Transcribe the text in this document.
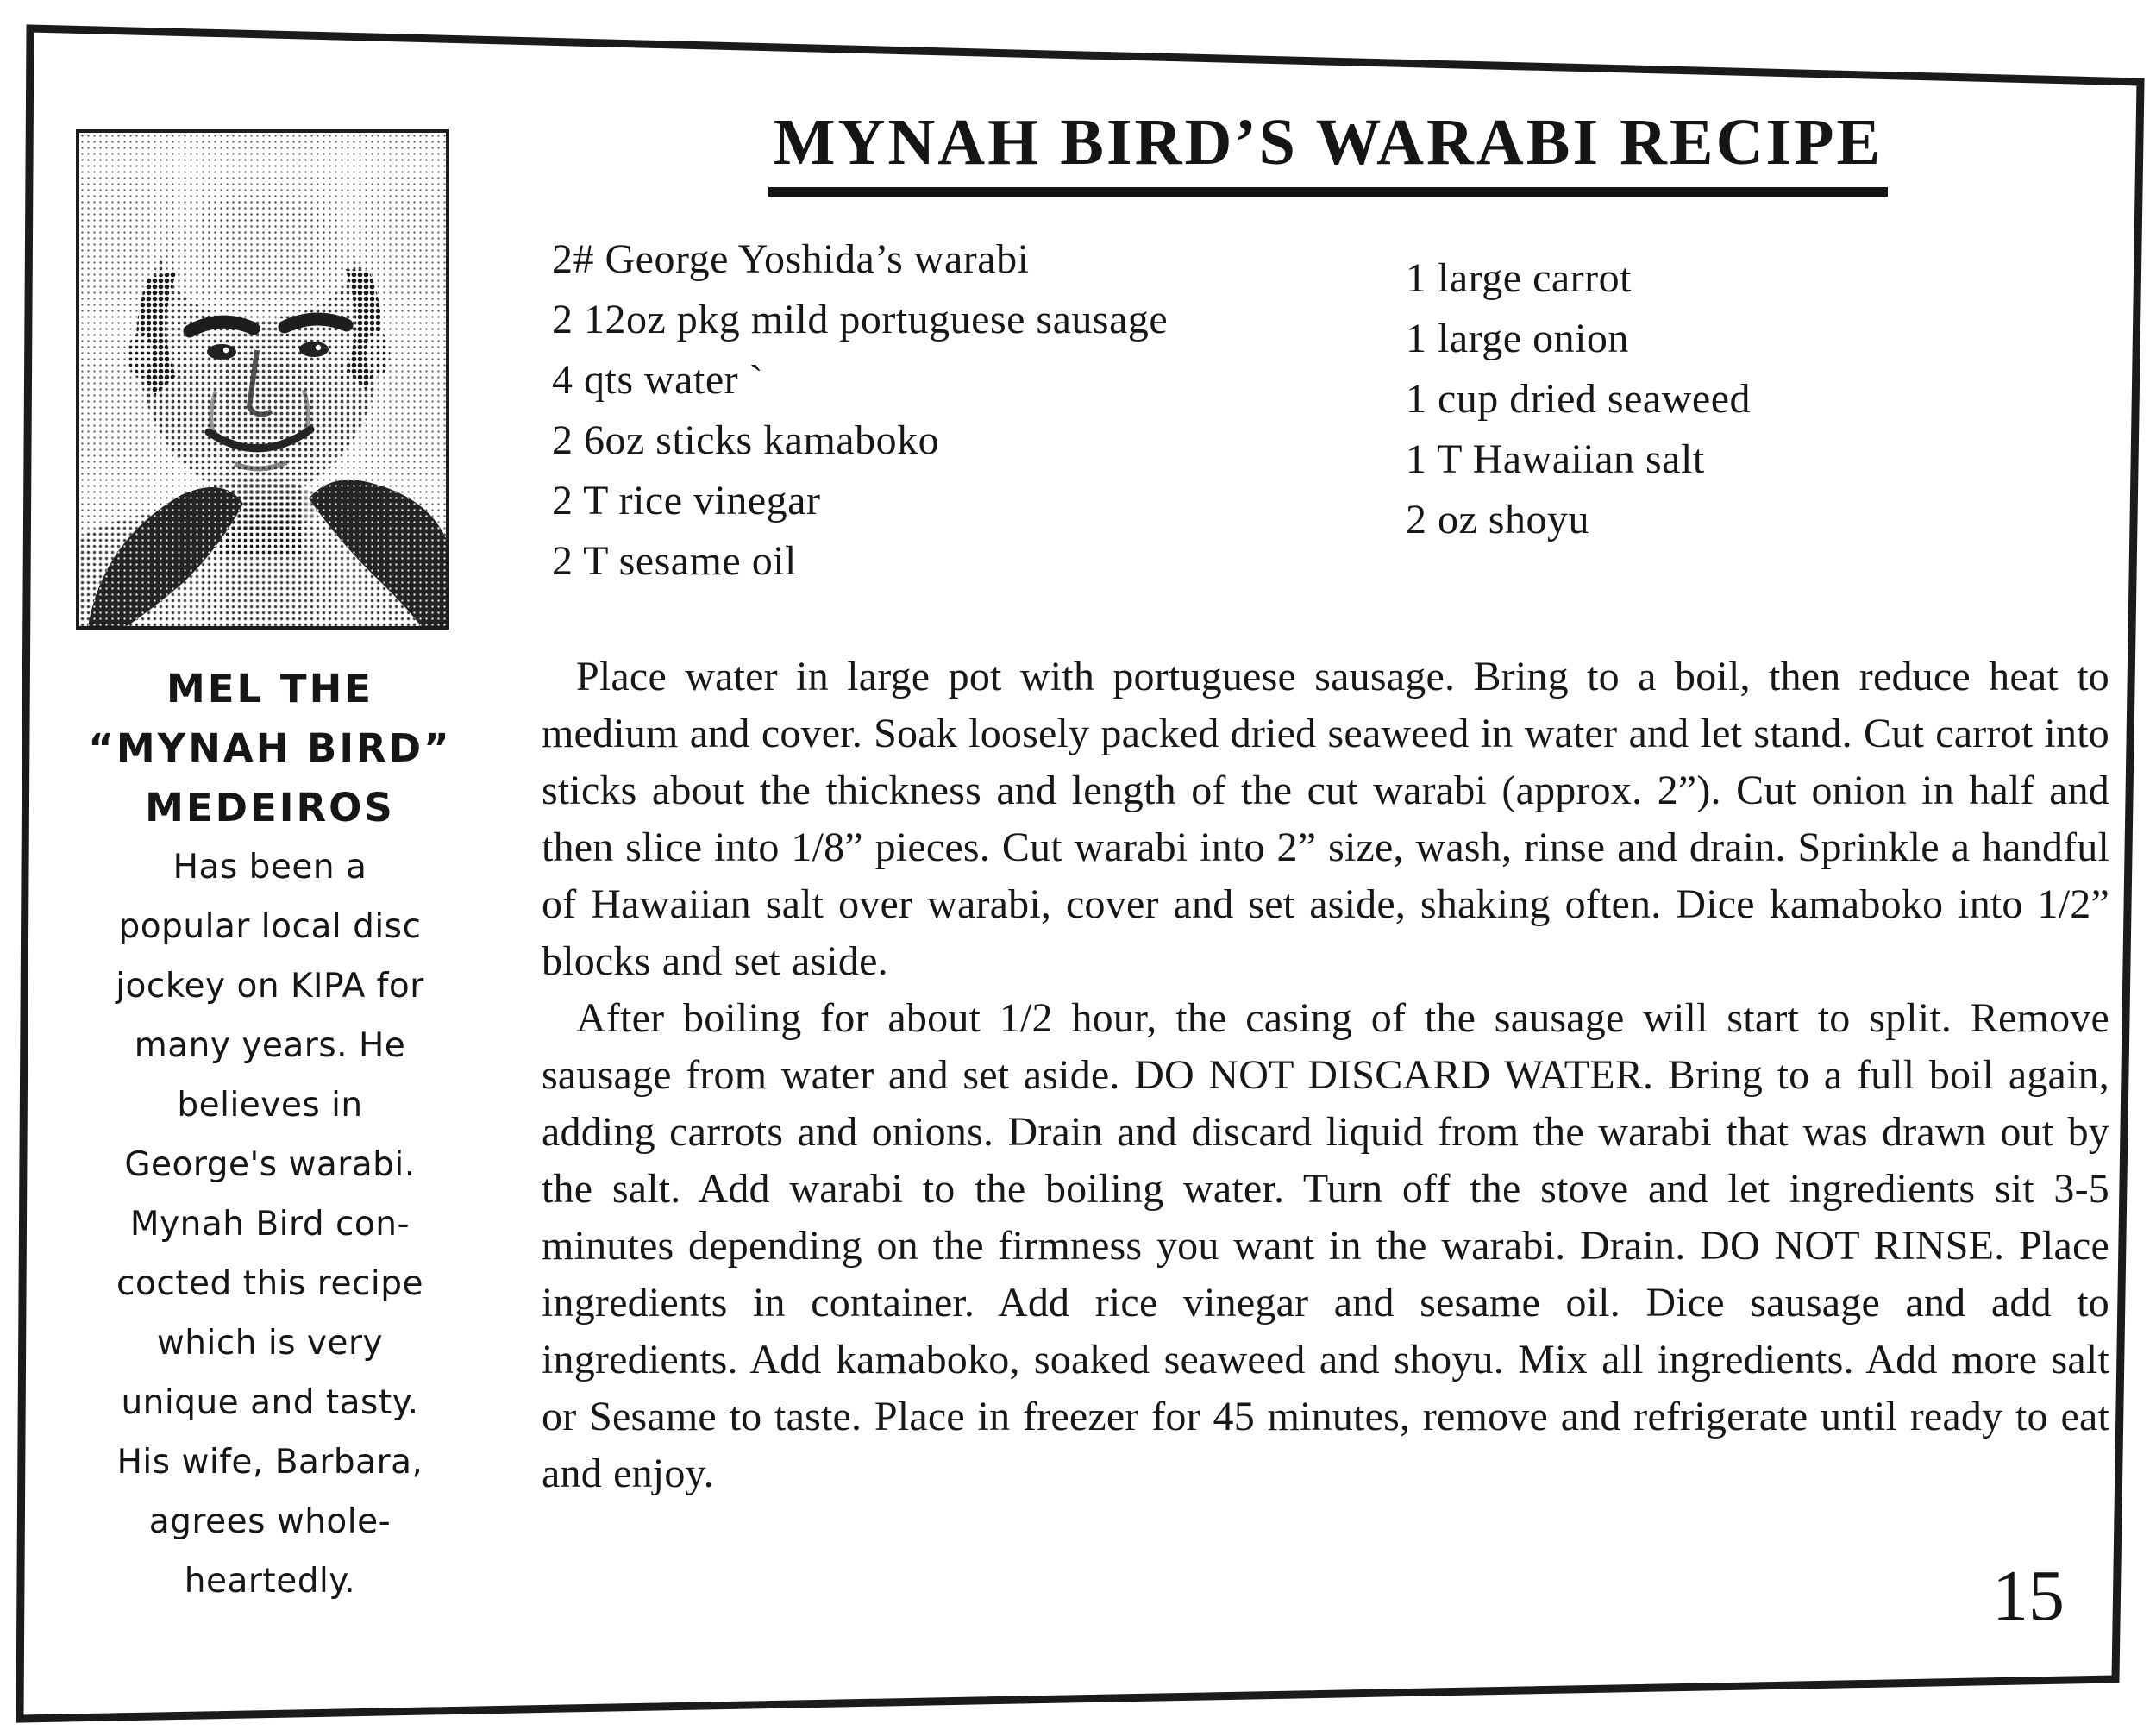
MEL THE
“MYNAH BIRD”
MEDEIROS
Has been a
popular local disc
jockey on KIPA for
many years. He
believes in
George's warabi.
Mynah Bird con-
cocted this recipe
which is very
unique and tasty.
His wife, Barbara,
agrees whole-
heartedly.
MYNAH BIRD’S WARABI RECIPE
2# George Yoshida’s warabi
2 12oz pkg mild portuguese sausage
4 qts water `
2 6oz sticks kamaboko
2 T rice vinegar
2 T sesame oil
1 large carrot
1 large onion
1 cup dried seaweed
1 T Hawaiian salt
2 oz shoyu

Place water in large pot with portuguese sausage. Bring to a boil, then reduce heat to medium and cover. Soak loosely packed dried seaweed in water and let stand. Cut carrot into sticks about the thickness and length of the cut warabi (approx. 2”). Cut onion in half and then slice into 1/8” pieces. Cut warabi into 2” size, wash, rinse and drain. Sprinkle a handful of Hawaiian salt over warabi, cover and set aside, shaking often. Dice kamaboko into 1/2” blocks and set aside.

After boiling for about 1/2 hour, the casing of the sausage will start to split. Remove sausage from water and set aside. DO NOT DISCARD WATER. Bring to a full boil again, adding carrots and onions. Drain and discard liquid from the warabi that was drawn out by the salt. Add warabi to the boiling water. Turn off the stove and let ingredients sit 3-5 minutes depending on the firmness you want in the warabi. Drain. DO NOT RINSE. Place ingredients in container. Add rice vinegar and sesame oil. Dice sausage and add to ingredients. Add kamaboko, soaked seaweed and shoyu. Mix all ingredients. Add more salt or Sesame to taste. Place in freezer for 45 minutes, remove and refrigerate until ready to eat and enjoy.

15
